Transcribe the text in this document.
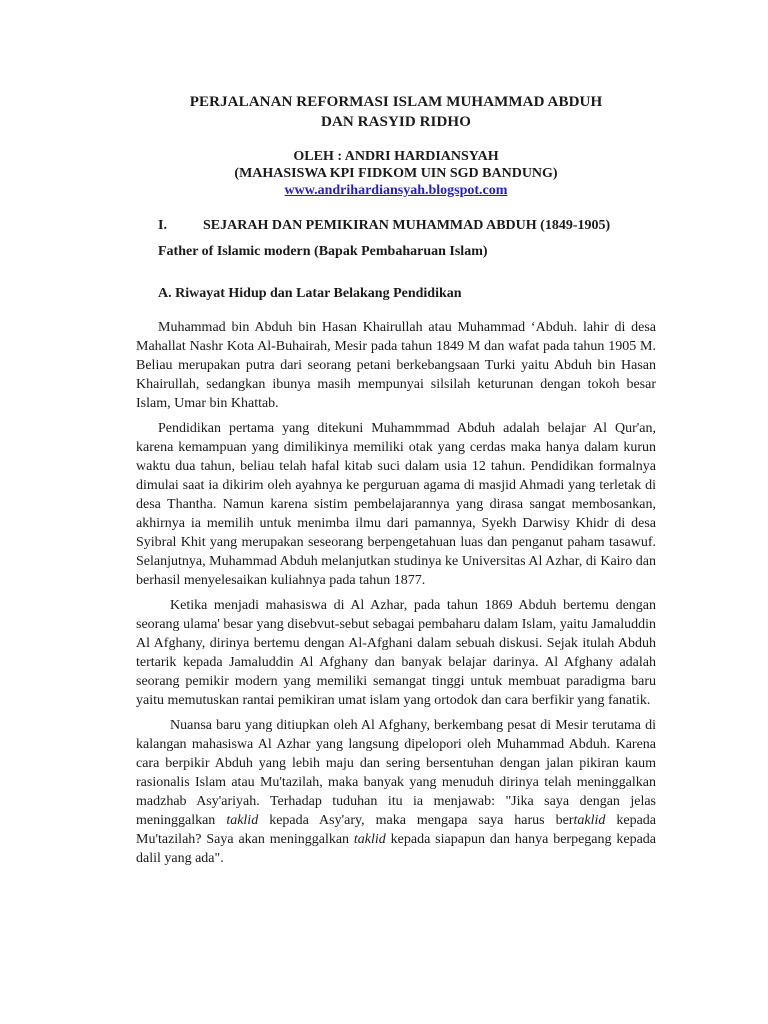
PERJALANAN REFORMASI ISLAM MUHAMMAD ABDUH
DAN RASYID RIDHO
OLEH : ANDRI HARDIANSYAH
(MAHASISWA KPI FIDKOM UIN SGD BANDUNG)
www.andrihardiansyah.blogspot.com
I.	SEJARAH DAN PEMIKIRAN MUHAMMAD ABDUH (1849-1905)
Father of Islamic modern (Bapak Pembaharuan Islam)
A. Riwayat Hidup dan Latar Belakang Pendidikan

Muhammad bin Abduh bin Hasan Khairullah atau Muhammad ‘Abduh. lahir di desa Mahallat Nashr Kota Al-Buhairah, Mesir pada tahun 1849 M dan wafat pada tahun 1905 M. Beliau merupakan putra dari seorang petani berkebangsaan Turki yaitu Abduh bin Hasan Khairullah, sedangkan ibunya masih mempunyai silsilah keturunan dengan tokoh besar Islam, Umar bin Khattab.

Pendidikan pertama yang ditekuni Muhammmad Abduh adalah belajar Al Qur'an, karena kemampuan yang dimilikinya memiliki otak yang cerdas maka hanya dalam kurun waktu dua tahun, beliau telah hafal kitab suci dalam usia 12 tahun. Pendidikan formalnya dimulai saat ia dikirim oleh ayahnya ke perguruan agama di masjid Ahmadi yang terletak di desa Thantha. Namun karena sistim pembelajarannya yang dirasa sangat membosankan, akhirnya ia memilih untuk menimba ilmu dari pamannya, Syekh Darwisy Khidr di desa Syibral Khit yang merupakan seseorang berpengetahuan luas dan penganut paham tasawuf. Selanjutnya, Muhammad Abduh melanjutkan studinya ke Universitas Al Azhar, di Kairo dan berhasil menyelesaikan kuliahnya pada tahun 1877.

Ketika menjadi mahasiswa di Al Azhar, pada tahun 1869 Abduh bertemu dengan seorang ulama' besar yang disebvut-sebut sebagai pembaharu dalam Islam, yaitu Jamaluddin Al Afghany, dirinya bertemu dengan Al-Afghani dalam sebuah diskusi. Sejak itulah Abduh tertarik kepada Jamaluddin Al Afghany dan banyak belajar darinya. Al Afghany adalah seorang pemikir modern yang memiliki semangat tinggi untuk membuat paradigma baru yaitu memutuskan rantai pemikiran umat islam yang ortodok dan cara berfikir yang fanatik.

Nuansa baru yang ditiupkan oleh Al Afghany, berkembang pesat di Mesir terutama di kalangan mahasiswa Al Azhar yang langsung dipelopori oleh Muhammad Abduh. Karena cara berpikir Abduh yang lebih maju dan sering bersentuhan dengan jalan pikiran kaum rasionalis Islam atau Mu'tazilah, maka banyak yang menuduh dirinya telah meninggalkan madzhab Asy'ariyah. Terhadap tuduhan itu ia menjawab: "Jika saya dengan jelas meninggalkan taklid kepada Asy'ary, maka mengapa saya harus bertaklid kepada Mu'tazilah? Saya akan meninggalkan taklid kepada siapapun dan hanya berpegang kepada dalil yang ada".
